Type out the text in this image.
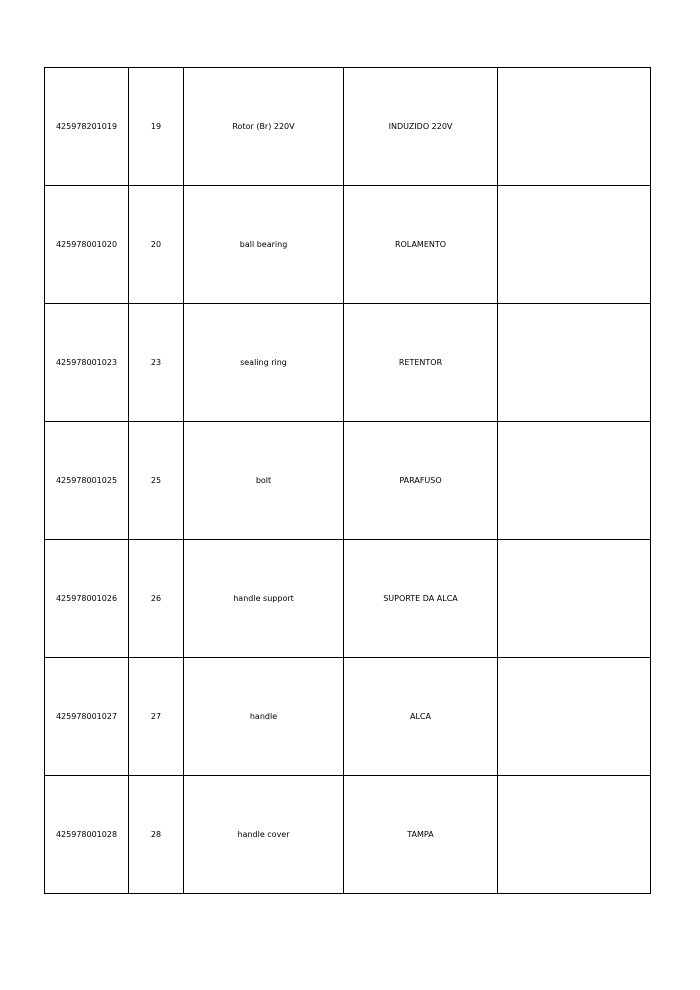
425978201019	19	Rotor (Br) 220V	INDUZIDO 220V	
425978001020	20	ball bearing	ROLAMENTO	
425978001023	23	sealing ring	RETENTOR	
425978001025	25	bolt	PARAFUSO	
425978001026	26	handle support	SUPORTE DA ALCA	
425978001027	27	handle	ALCA	
425978001028	28	handle cover	TAMPA	
